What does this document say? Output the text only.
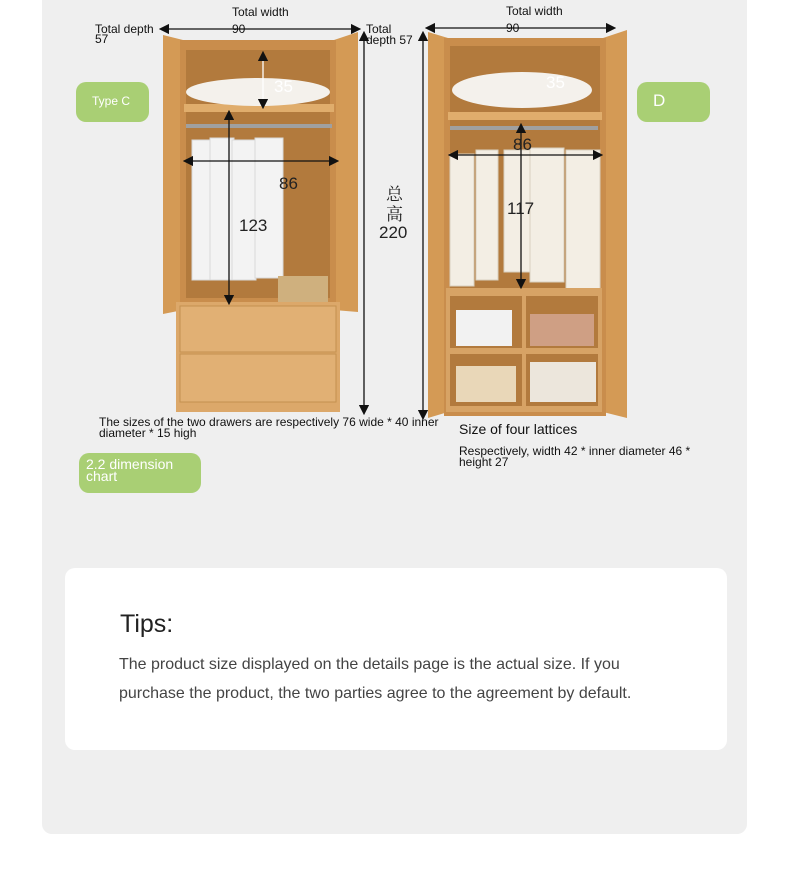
Total width
90
Total depth
57
Type C
35
86
123
The sizes of the two drawers are respectively 76 wide * 40 inner diameter * 15 high
总
高
220
Total width
90
Total depth 57
D
35
86
117
Size of four lattices
Respectively, width 42 * inner diameter 46 * height 27
2.2 dimension chart
Tips:
The product size displayed on the details page is the actual size. If you purchase the product, the two parties agree to the agreement by default.
